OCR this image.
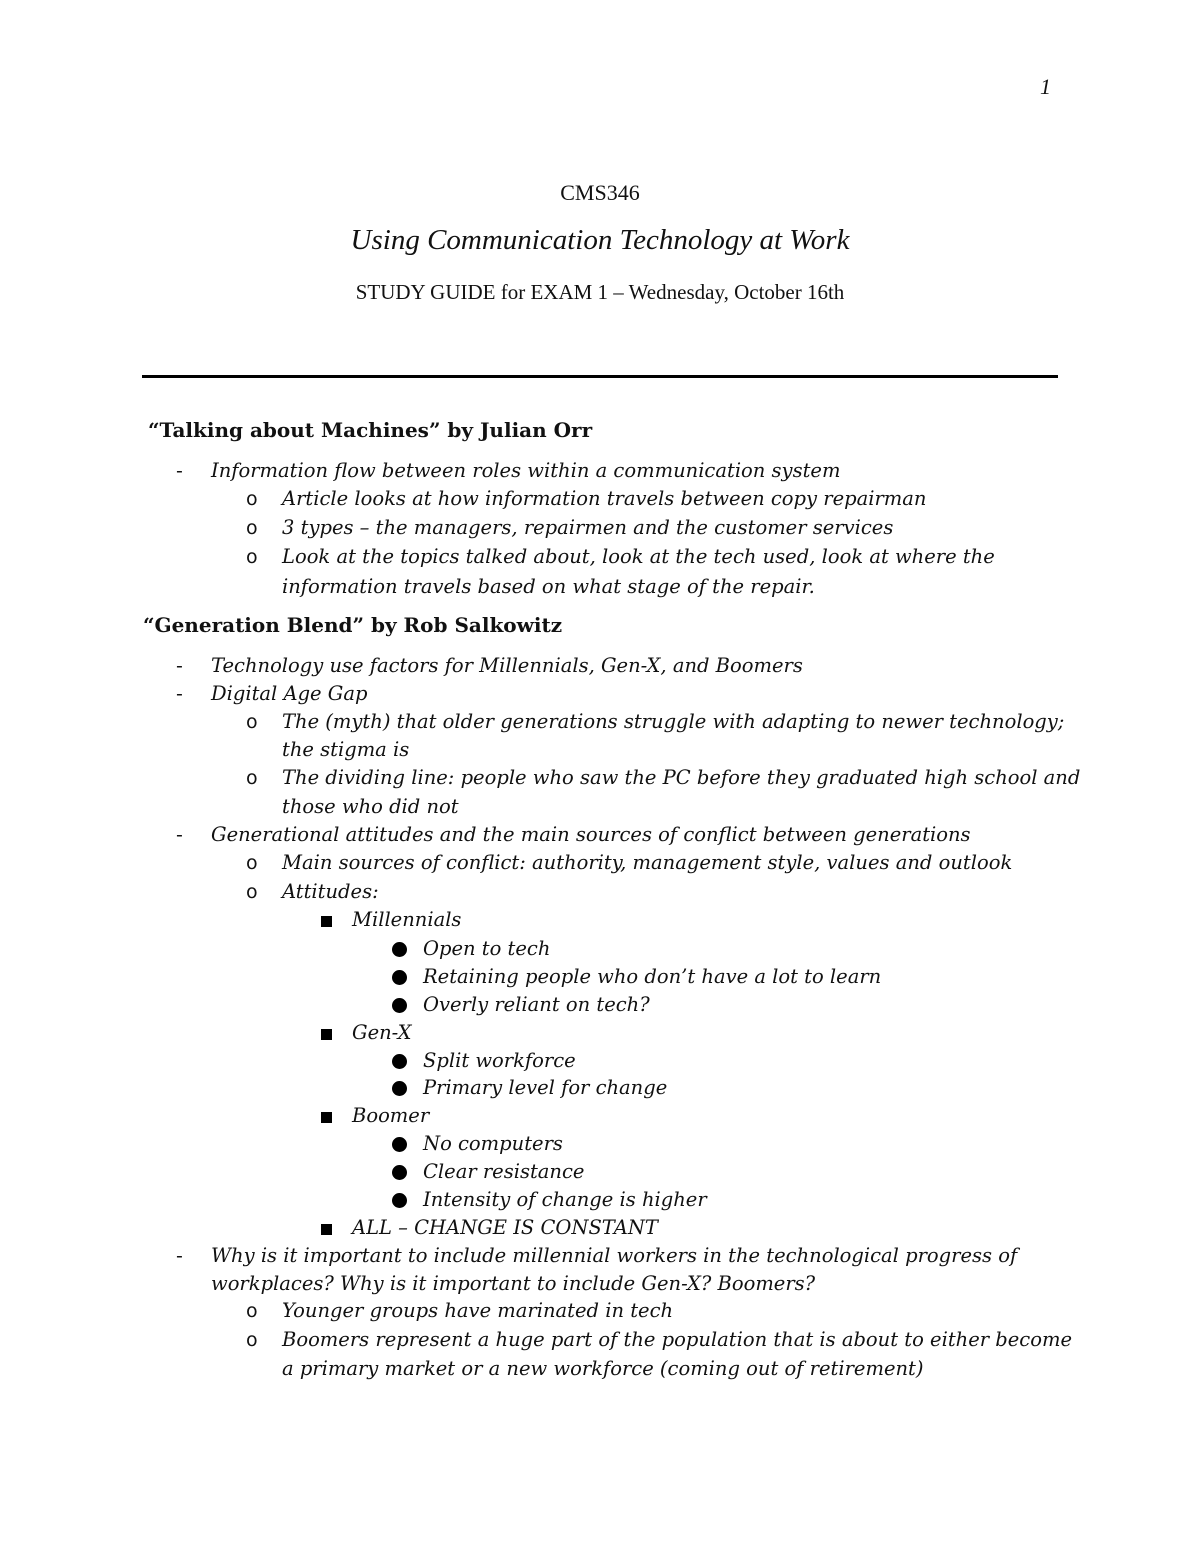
1
CMS346
Using Communication Technology at Work
STUDY GUIDE for EXAM 1 – Wednesday, October 16th
“Talking about Machines” by Julian Orr
- Information flow between roles within a communication system
o Article looks at how information travels between copy repairman
o 3 types – the managers, repairmen and the customer services
o Look at the topics talked about, look at the tech used, look at where the
information travels based on what stage of the repair.
“Generation Blend” by Rob Salkowitz
- Technology use factors for Millennials, Gen-X, and Boomers
- Digital Age Gap
o The (myth) that older generations struggle with adapting to newer technology;
the stigma is
o The dividing line: people who saw the PC before they graduated high school and
those who did not
- Generational attitudes and the main sources of conflict between generations
o Main sources of conflict: authority, management style, values and outlook
o Attitudes:
Millennials
Open to tech
Retaining people who don’t have a lot to learn
Overly reliant on tech?
Gen-X
Split workforce
Primary level for change
Boomer
No computers
Clear resistance
Intensity of change is higher
ALL – CHANGE IS CONSTANT
- Why is it important to include millennial workers in the technological progress of
workplaces? Why is it important to include Gen-X? Boomers?
o Younger groups have marinated in tech
o Boomers represent a huge part of the population that is about to either become
a primary market or a new workforce (coming out of retirement)
